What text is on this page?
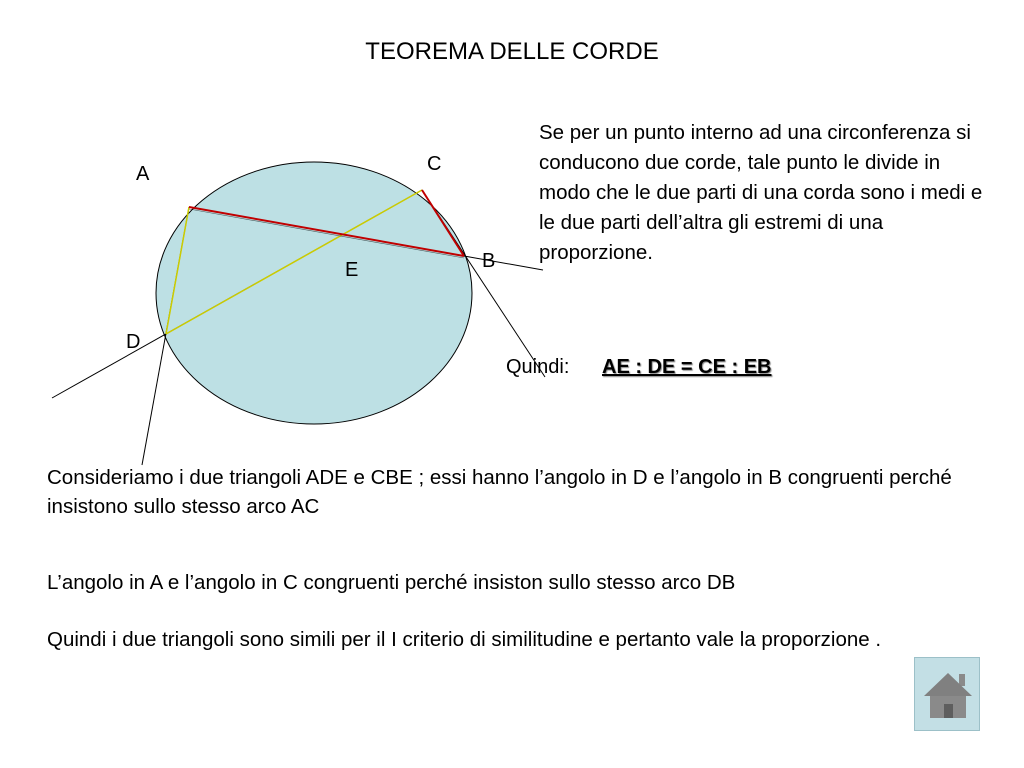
TEOREMA DELLE CORDE
A	C
B
E
D
Se per un punto interno ad una circonferenza si conducono due corde, tale punto le divide in modo che le due parti di una corda sono i medi e le due parti dell’altra gli estremi di una proporzione.
Quindi: AE : DE = CE : EB
Consideriamo i due triangoli ADE e CBE ; essi hanno l’angolo in D e l’angolo in B congruenti perché insistono sullo stesso arco AC
L’angolo in A e l’angolo in C congruenti perché insiston sullo stesso arco DB
Quindi i due triangoli sono simili per il I criterio di similitudine e pertanto vale la proporzione .
